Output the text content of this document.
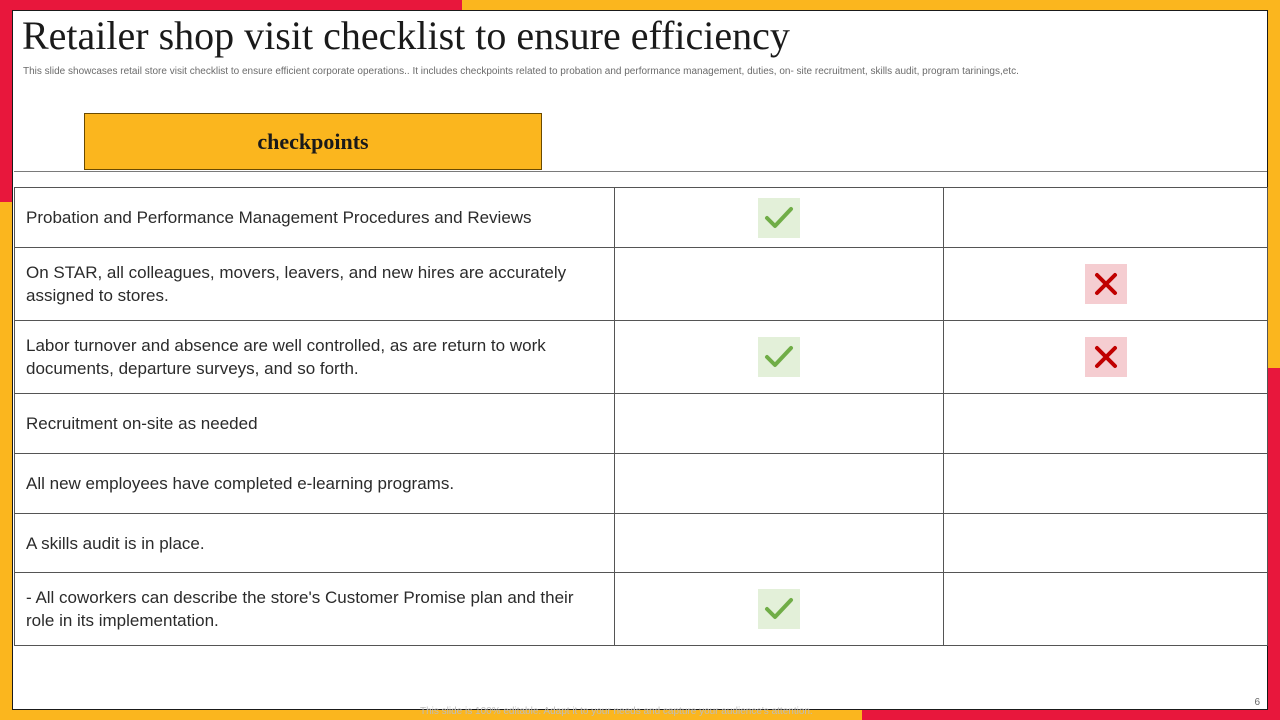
Retailer shop visit checklist to ensure efficiency

This slide showcases retail store visit checklist to ensure efficient corporate operations.. It includes checkpoints related to probation and performance management, duties, on- site recruitment, skills audit, program tarinings,etc.

checkpoints
Probation and Performance Management Procedures and Reviews	

On STAR, all colleagues, movers, leavers, and new hires are accurately assigned to stores.		

Labor turnover and absence are well controlled, as are return to work documents, departure surveys, and so forth.	

Recruitment on-site as needed		
All new employees have completed e-learning programs.		
A skills audit is in place.		
- All coworkers can describe the store's Customer Promise plan and their role in its implementation.	

6
This slide is 100% editable. Adapt it to your needs and capture your audience's attention.
